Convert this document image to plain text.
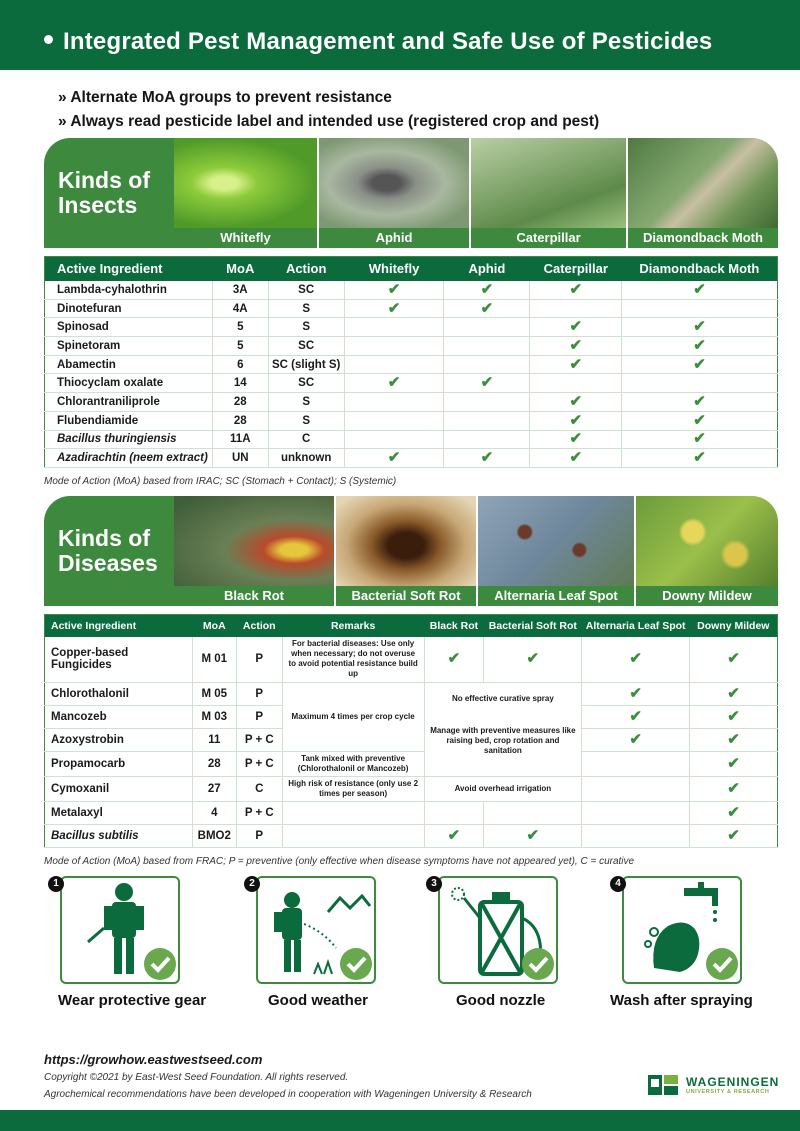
Integrated Pest Management and Safe Use of Pesticides
» Alternate MoA groups to prevent resistance
» Always read pesticide label and intended use (registered crop and pest)
Kinds of
Insects
Whitefly	Aphid	Caterpillar	Diamondback Moth
Active Ingredient	MoA	Action	Whitefly	Aphid	Caterpillar	Diamondback Moth
Lambda-cyhalothrin	3A	SC	✔	✔	✔	✔
Dinotefuran	4A	S	✔	✔		
Spinosad	5	S			✔	✔
Spinetoram	5	SC			✔	✔
Abamectin	6	SC (slight S)			✔	✔
Thiocyclam oxalate	14	SC	✔	✔		
Chlorantraniliprole	28	S			✔	✔
Flubendiamide	28	S			✔	✔
Bacillus thuringiensis	11A	C			✔	✔
Azadirachtin (neem extract)	UN	unknown	✔	✔	✔	✔
Mode of Action (MoA) based from IRAC; SC (Stomach + Contact); S (Systemic)
Kinds of
Diseases
Black Rot	Bacterial Soft Rot	Alternaria Leaf Spot	Downy Mildew
Active Ingredient	MoA	Action	Remarks	Black Rot	Bacterial Soft Rot	Alternaria Leaf Spot	Downy Mildew
Copper-based Fungicides	M 01	P	For bacterial diseases: Use only when necessary; do not overuse to avoid potential resistance build up	✔	✔	✔	✔
Chlorothalonil	M 05	P	Maximum 4 times per crop cycle	No effective curative spray		✔	✔
Mancozeb	M 03	P		Manage with preventive measures like raising bed, crop rotation and sanitation		✔	✔
Azoxystrobin	11	P + C				✔	✔
Propamocarb	28	P + C	Tank mixed with preventive (Chlorothalonil or Mancozeb)				✔
Cymoxanil	27	C	High risk of resistance (only use 2 times per season)	Avoid overhead irrigation			✔
Metalaxyl	4	P + C					✔
Bacillus subtilis	BMO2	P		✔	✔		✔
Mode of Action (MoA) based from FRAC; P = preventive (only effective when disease symptoms have not appeared yet), C = curative
1	2	3	4
Wear protective gear	Good weather	Good nozzle	Wash after spraying
https://growhow.eastwestseed.com
Copyright ©2021 by East-West Seed Foundation. All rights reserved.
Agrochemical recommendations have been developed in cooperation with Wageningen University & Research
WAGENINGEN
UNIVERSITY & RESEARCH
